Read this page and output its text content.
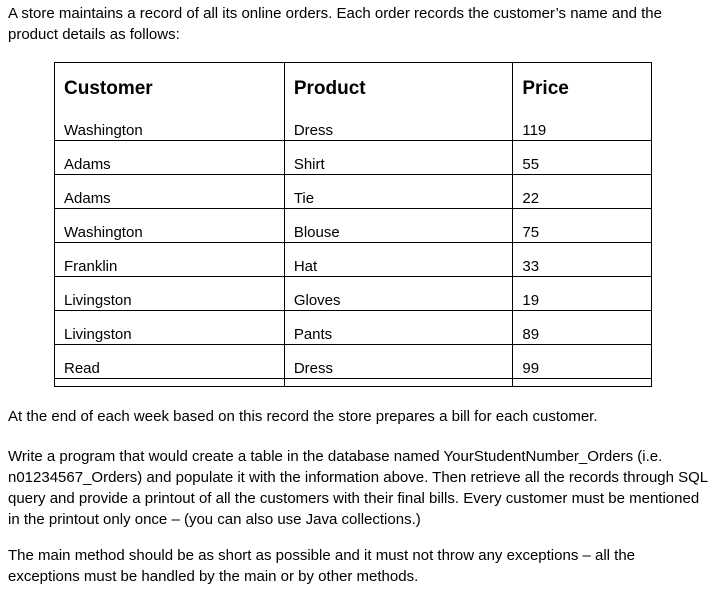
A store maintains a record of all its online orders. Each order records the customer’s name and the product details as follows:

Customer	Product	Price

Washington	Dress	119

Adams	Shirt	55

Adams	Tie	22

Washington	Blouse	75

Franklin	Hat	33

Livingston	Gloves	19

Livingston	Pants	89

Read	Dress	99

At the end of each week based on this record the store prepares a bill for each customer.

Write a program that would create a table in the database named YourStudentNumber_Orders (i.e. n01234567_Orders) and populate it with the information above. Then retrieve all the records through SQL query and provide a printout of all the customers with their final bills. Every customer must be mentioned in the printout only once – (you can also use Java collections.)

The main method should be as short as possible and it must not throw any exceptions – all the exceptions must be handled by the main or by other methods.
